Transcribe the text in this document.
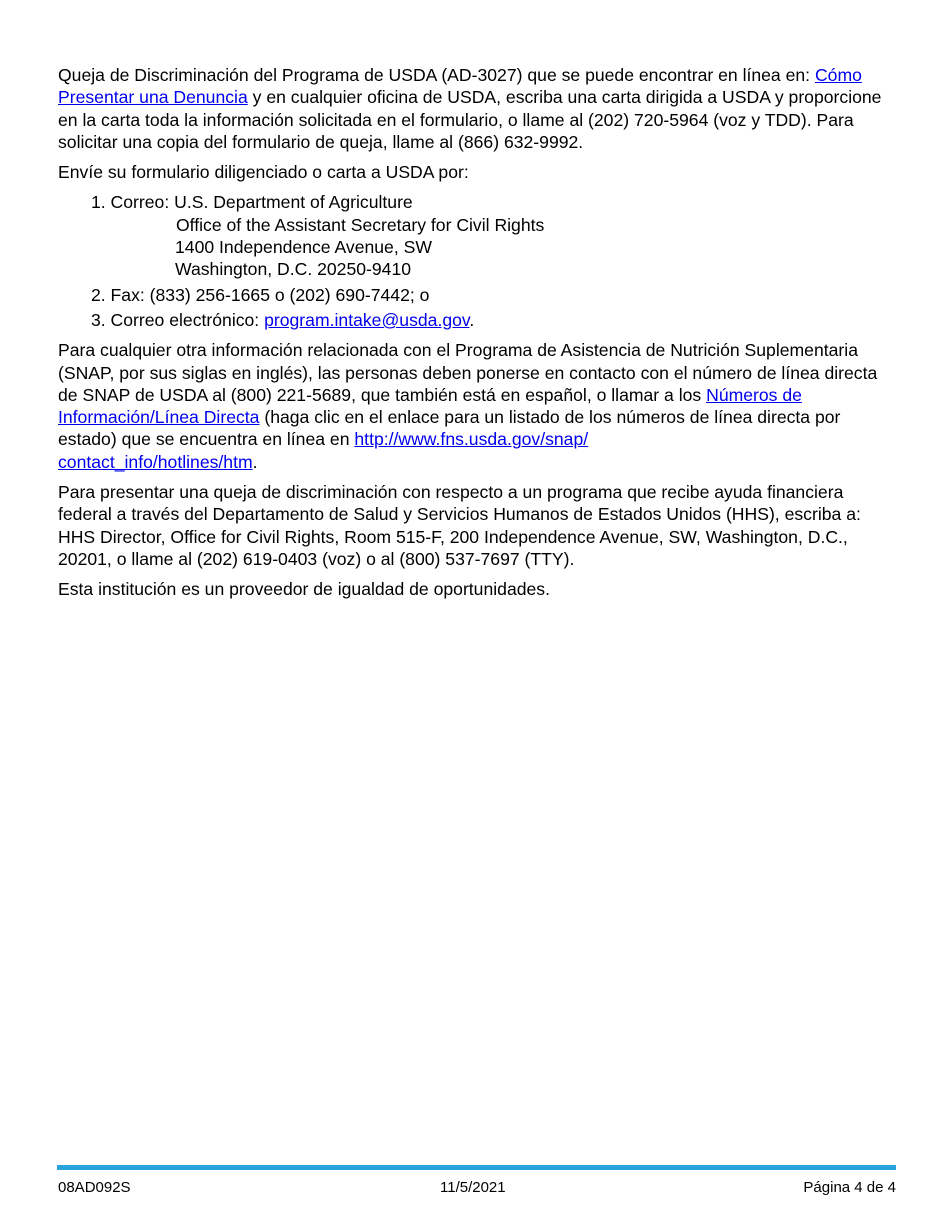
Queja de Discriminación del Programa de USDA (AD-3027) que se puede encontrar en línea en: Cómo Presentar una Denuncia y en cualquier oficina de USDA, escriba una carta dirigida a USDA y proporcione en la carta toda la información solicitada en el formulario, o llame al (202) 720-5964 (voz y TDD). Para solicitar una copia del formulario de queja, llame al (866) 632-9992.

Envíe su formulario diligenciado o carta a USDA por:

1. Correo: U.S. Department of Agriculture
Office of the Assistant Secretary for Civil Rights
1400 Independence Avenue, SW
Washington, D.C. 20250-9410
2. Fax: (833) 256-1665 o (202) 690-7442; o
3. Correo electrónico: program.intake@usda.gov.

Para cualquier otra información relacionada con el Programa de Asistencia de Nutrición Suplementaria (SNAP, por sus siglas en inglés), las personas deben ponerse en contacto con el número de línea directa de SNAP de USDA al (800) 221-5689, que también está en español, o llamar a los Números de Información/Línea Directa (haga clic en el enlace para un listado de los números de línea directa por estado) que se encuentra en línea en http://www.fns.usda.gov/snap/
contact_info/hotlines/htm.

Para presentar una queja de discriminación con respecto a un programa que recibe ayuda financiera federal a través del Departamento de Salud y Servicios Humanos de Estados Unidos (HHS), escriba a: HHS Director, Office for Civil Rights, Room 515-F, 200 Independence Avenue, SW, Washington, D.C., 20201, o llame al (202) 619-0403 (voz) o al (800) 537-7697 (TTY).

Esta institución es un proveedor de igualdad de oportunidades.

08AD092S	11/5/2021	Página 4 de 4
